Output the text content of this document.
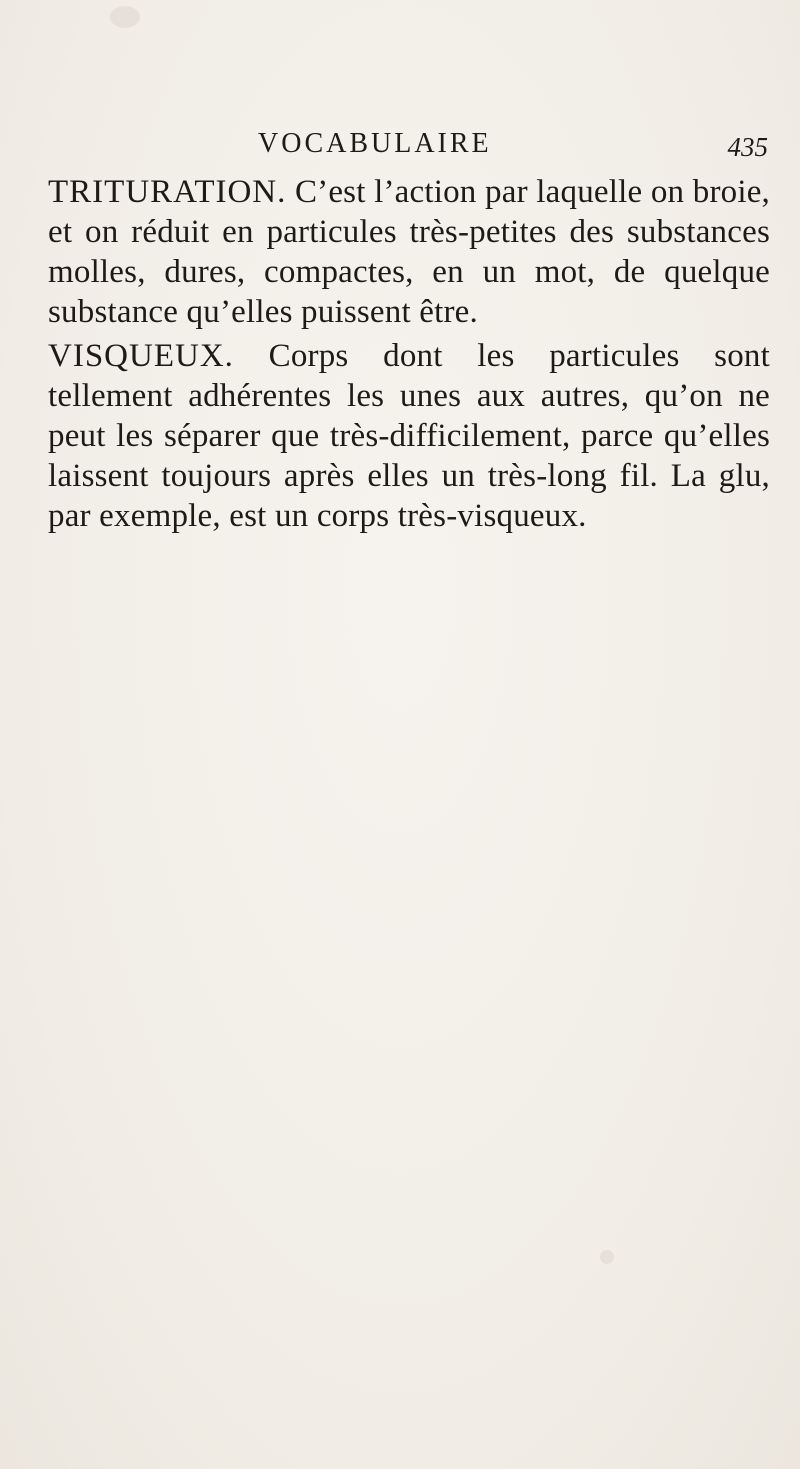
VOCABULAIRE	435

TRITURATION. C’est l’action par laquelle on broie, et on réduit en particules très-petites des substances molles, dures, compactes, en un mot, de quelque substance qu’elles puissent être.

VISQUEUX. Corps dont les particules sont tellement adhérentes les unes aux autres, qu’on ne peut les séparer que très-difficilement, parce qu’elles laissent toujours après elles un très-long fil. La glu, par exemple, est un corps très-visqueux.
